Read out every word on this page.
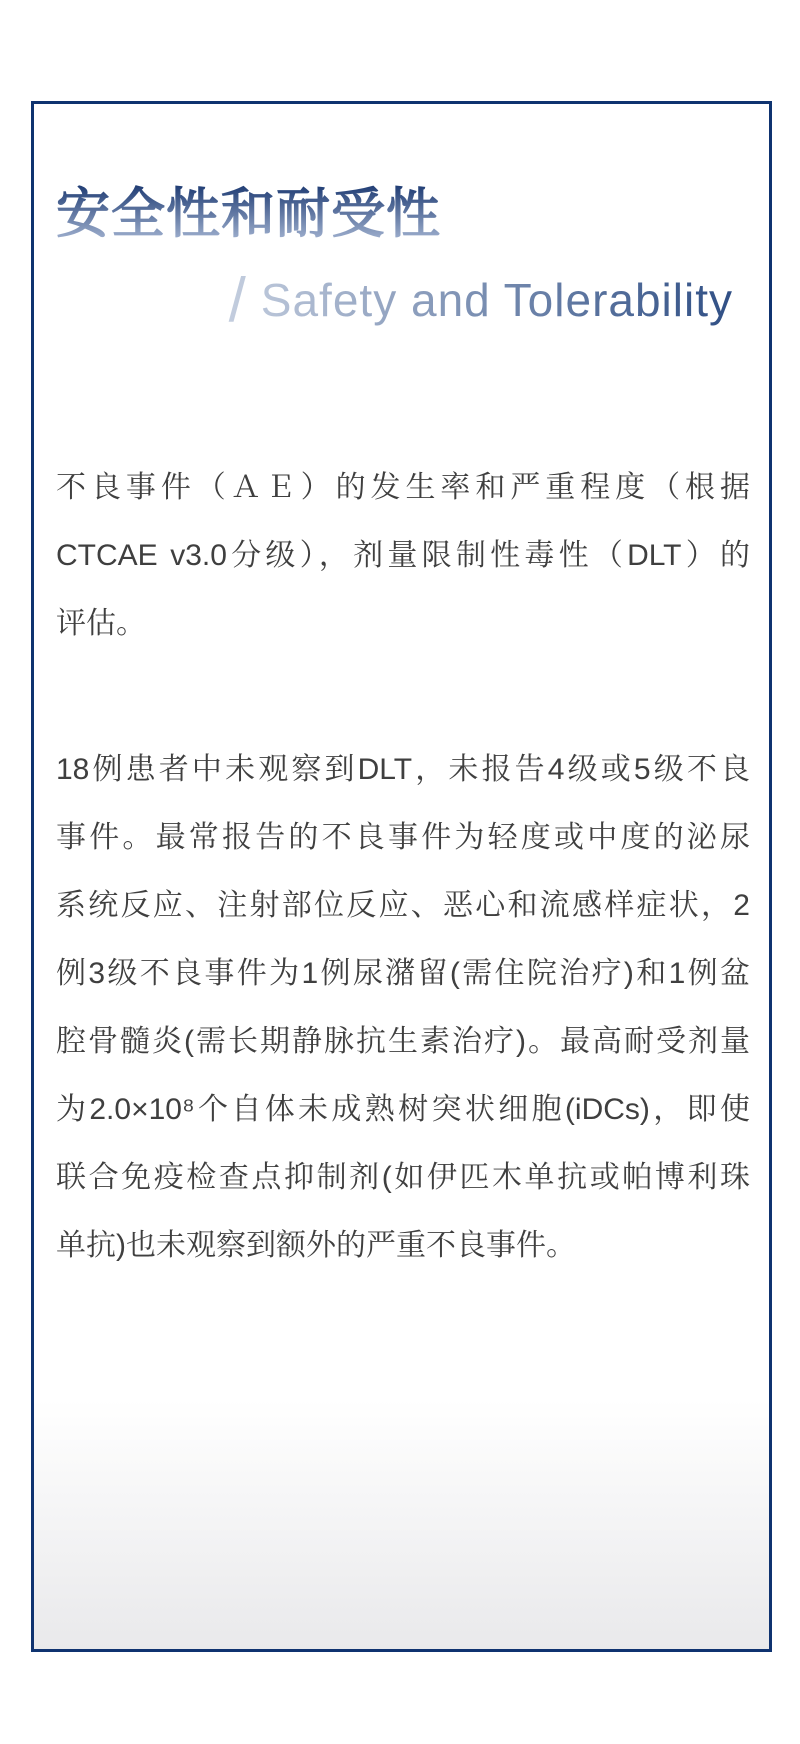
安全性和耐受性
/ Safety and Tolerability
不良事件（ＡＥ）的发生率和严重程度（根据
CTCAE v3.0分级），剂量限制性毒性（DLT）的
评估。
18例患者中未观察到DLT，未报告4级或5级不良
事件。最常报告的不良事件为轻度或中度的泌尿
系统反应、注射部位反应、恶心和流感样症状，2
例3级不良事件为1例尿潴留(需住院治疗)和1例盆
腔骨髓炎(需长期静脉抗生素治疗)。最高耐受剂量
为2.0×10⁸个自体未成熟树突状细胞(iDCs)，即使
联合免疫检查点抑制剂(如伊匹木单抗或帕博利珠
单抗)也未观察到额外的严重不良事件。
